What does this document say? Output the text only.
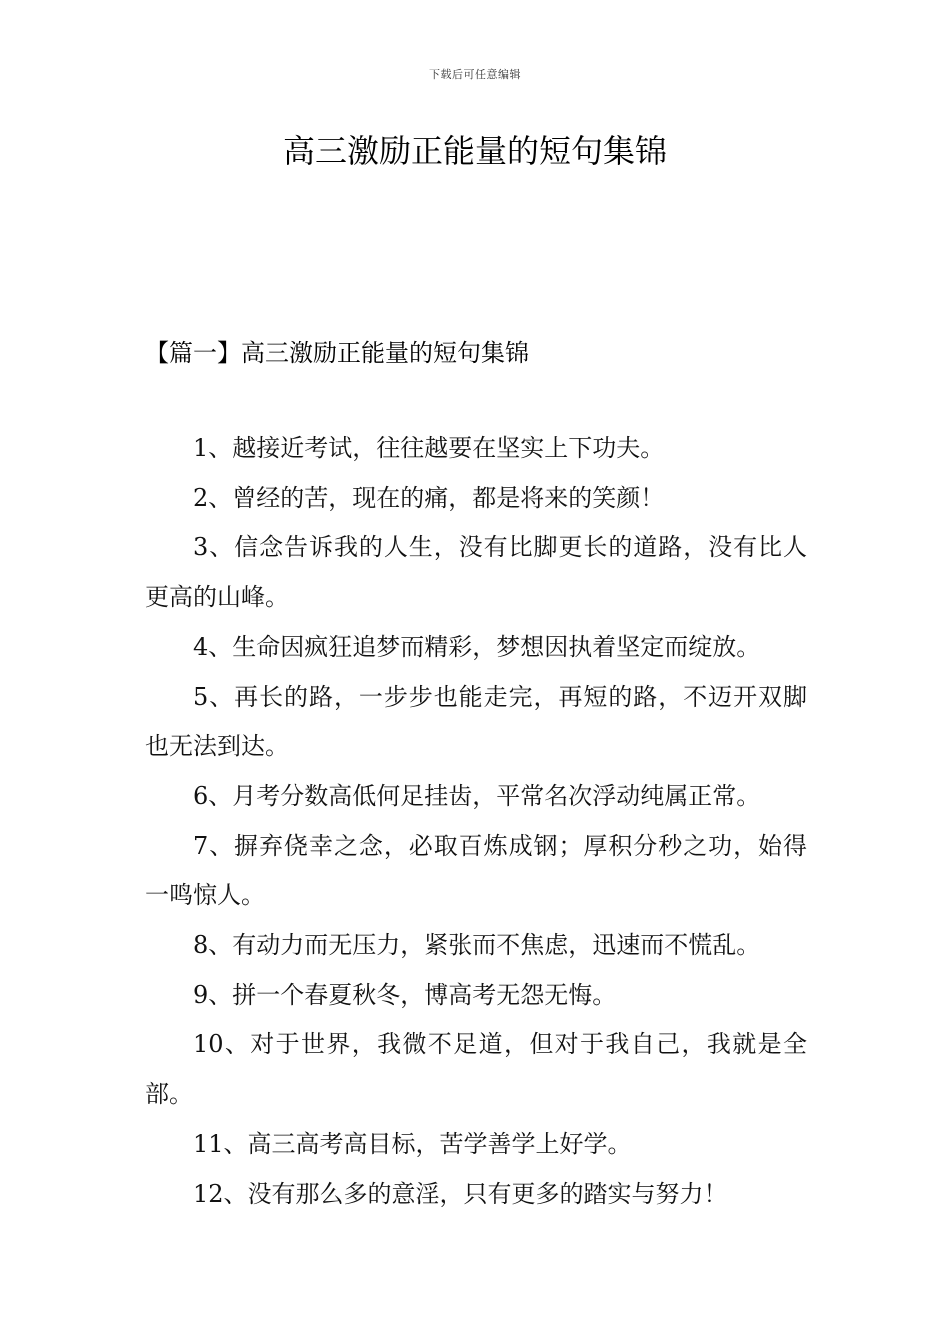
下载后可任意编辑
高三激励正能量的短句集锦
【篇一】高三激励正能量的短句集锦
1、越接近考试，往往越要在坚实上下功夫。
2、曾经的苦，现在的痛，都是将来的笑颜！
3、信念告诉我的人生，没有比脚更长的道路，没有比人更高的山峰。
4、生命因疯狂追梦而精彩，梦想因执着坚定而绽放。
5、再长的路，一步步也能走完，再短的路，不迈开双脚也无法到达。
6、月考分数高低何足挂齿，平常名次浮动纯属正常。
7、摒弃侥幸之念，必取百炼成钢；厚积分秒之功，始得一鸣惊人。
8、有动力而无压力，紧张而不焦虑，迅速而不慌乱。
9、拼一个春夏秋冬，博高考无怨无悔。
10、对于世界，我微不足道，但对于我自己，我就是全部。
11、高三高考高目标，苦学善学上好学。
12、没有那么多的意淫，只有更多的踏实与努力！
